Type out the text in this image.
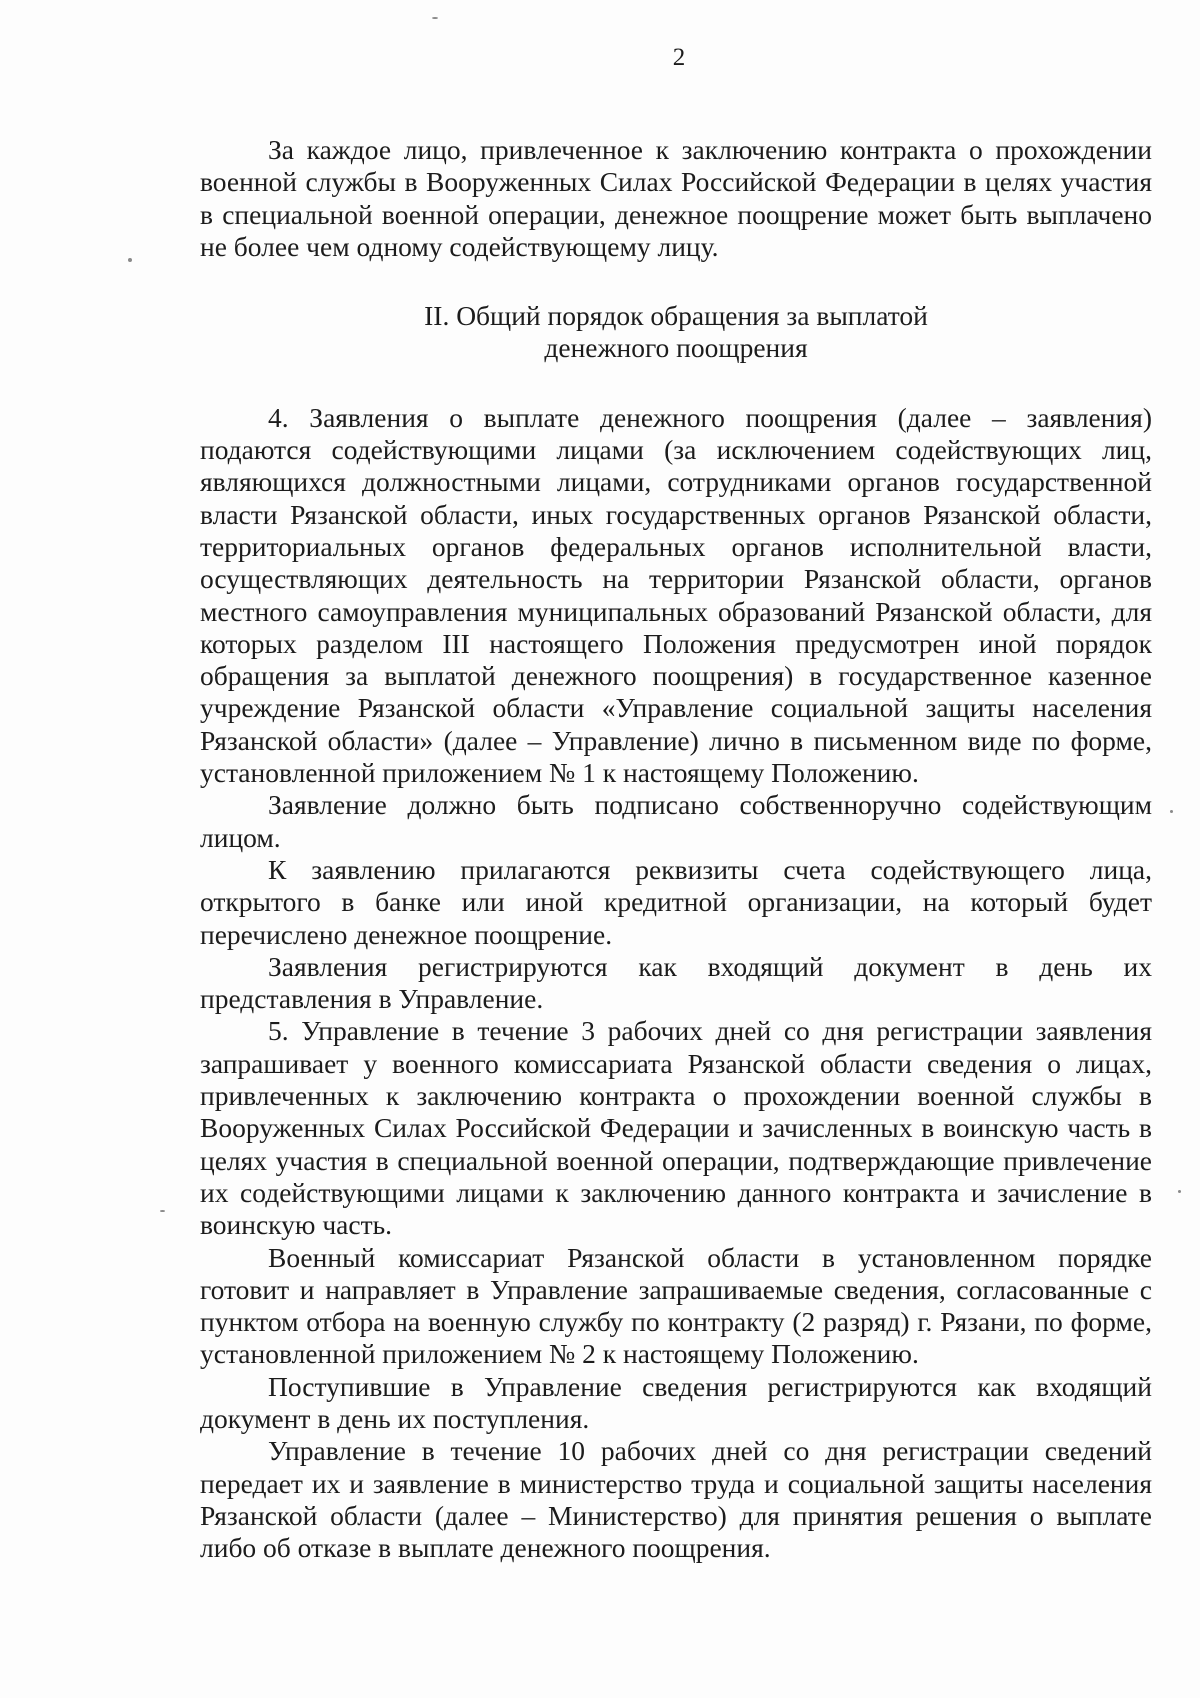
2

За каждое лицо, привлеченное к заключению контракта о прохождении военной службы в Вооруженных Силах Российской Федерации в целях участия в специальной военной операции, денежное поощрение может быть выплачено не более чем одному содействующему лицу.

II. Общий порядок обращения за выплатой
денежного поощрения

4. Заявления о выплате денежного поощрения (далее – заявления) подаются содействующими лицами (за исключением содействующих лиц, являющихся должностными лицами, сотрудниками органов государственной власти Рязанской области, иных государственных органов Рязанской области, территориальных органов федеральных органов исполнительной власти, осуществляющих деятельность на территории Рязанской области, органов местного самоуправления муниципальных образований Рязанской области, для которых разделом III настоящего Положения предусмотрен иной порядок обращения за выплатой денежного поощрения) в государственное казенное учреждение Рязанской области «Управление социальной защиты населения Рязанской области» (далее – Управление) лично в письменном виде по форме, установленной приложением № 1 к настоящему Положению.

Заявление должно быть подписано собственноручно содействующим лицом.

К заявлению прилагаются реквизиты счета содействующего лица, открытого в банке или иной кредитной организации, на который будет перечислено денежное поощрение.

Заявления регистрируются как входящий документ в день их представления в Управление.

5. Управление в течение 3 рабочих дней со дня регистрации заявления запрашивает у военного комиссариата Рязанской области сведения о лицах, привлеченных к заключению контракта о прохождении военной службы в Вооруженных Силах Российской Федерации и зачисленных в воинскую часть в целях участия в специальной военной операции, подтверждающие привлечение их содействующими лицами к заключению данного контракта и зачисление в воинскую часть.

Военный комиссариат Рязанской области в установленном порядке готовит и направляет в Управление запрашиваемые сведения, согласованные с пунктом отбора на военную службу по контракту (2 разряд) г. Рязани, по форме, установленной приложением № 2 к настоящему Положению.

Поступившие в Управление сведения регистрируются как входящий документ в день их поступления.

Управление в течение 10 рабочих дней со дня регистрации сведений передает их и заявление в министерство труда и социальной защиты населения Рязанской области (далее – Министерство) для принятия решения о выплате либо об отказе в выплате денежного поощрения.
